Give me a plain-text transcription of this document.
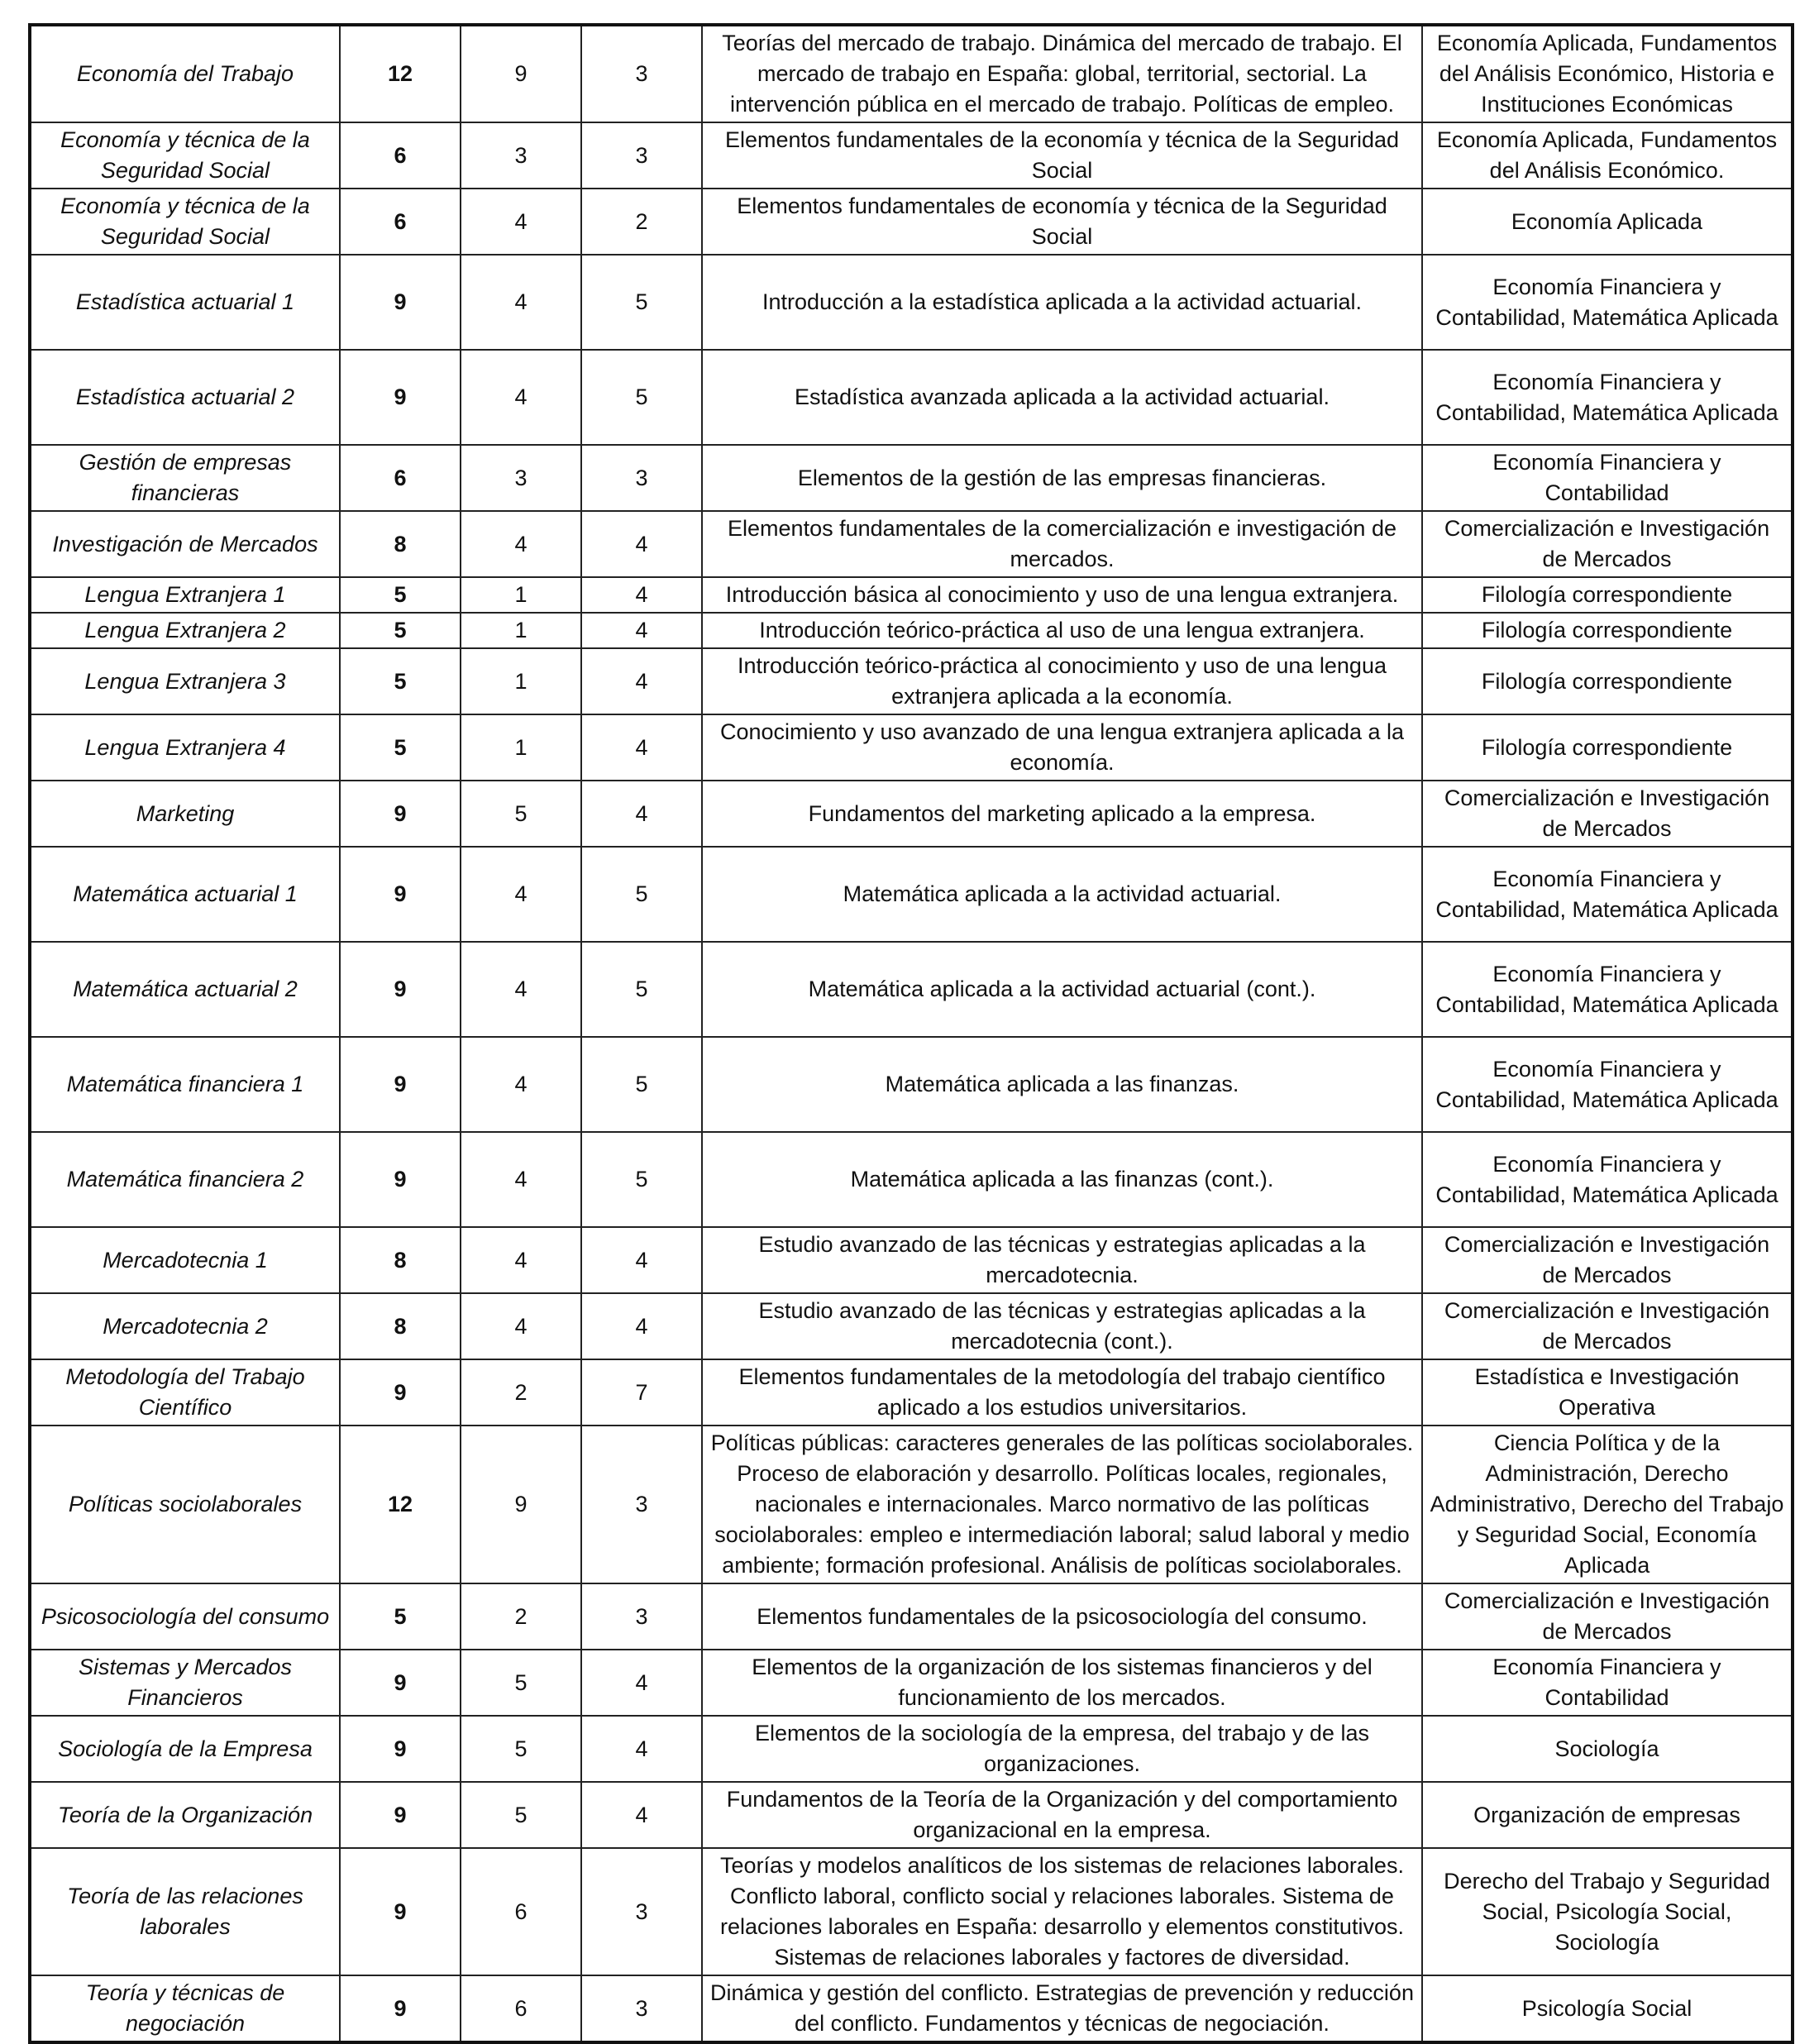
Economía del Trabajo	12	9	3	Teorías del mercado de trabajo. Dinámica del mercado de trabajo. El mercado de trabajo en España: global, territorial, sectorial. La intervención pública en el mercado de trabajo. Políticas de empleo.	Economía Aplicada, Fundamentos del Análisis Económico, Historia e Instituciones Económicas
Economía y técnica de la Seguridad Social	6	3	3	Elementos fundamentales de la economía y técnica de la Seguridad Social	Economía Aplicada, Fundamentos del Análisis Económico.
Economía y técnica de la Seguridad Social	6	4	2	Elementos fundamentales de economía y técnica de la Seguridad Social	Economía Aplicada
Estadística actuarial 1	9	4	5	Introducción a la estadística aplicada a la actividad actuarial.	Economía Financiera y Contabilidad, Matemática Aplicada
Estadística actuarial 2	9	4	5	Estadística avanzada aplicada a la actividad actuarial.	Economía Financiera y Contabilidad, Matemática Aplicada
Gestión de empresas financieras	6	3	3	Elementos de la gestión de las empresas financieras.	Economía Financiera y Contabilidad
Investigación de Mercados	8	4	4	Elementos fundamentales de la comercialización e investigación de mercados.	Comercialización e Investigación de Mercados
Lengua Extranjera 1	5	1	4	Introducción básica al conocimiento y uso de una lengua extranjera.	Filología correspondiente
Lengua Extranjera 2	5	1	4	Introducción teórico-práctica al uso de una lengua extranjera.	Filología correspondiente
Lengua Extranjera 3	5	1	4	Introducción teórico-práctica al conocimiento y uso de una lengua extranjera aplicada a la economía.	Filología correspondiente
Lengua Extranjera 4	5	1	4	Conocimiento y uso avanzado de una lengua extranjera aplicada a la economía.	Filología correspondiente
Marketing	9	5	4	Fundamentos del marketing aplicado a la empresa.	Comercialización e Investigación de Mercados
Matemática actuarial 1	9	4	5	Matemática aplicada a la actividad actuarial.	Economía Financiera y Contabilidad, Matemática Aplicada
Matemática actuarial 2	9	4	5	Matemática aplicada a la actividad actuarial (cont.).	Economía Financiera y Contabilidad, Matemática Aplicada
Matemática financiera 1	9	4	5	Matemática aplicada a las finanzas.	Economía Financiera y Contabilidad, Matemática Aplicada
Matemática financiera 2	9	4	5	Matemática aplicada a las finanzas (cont.).	Economía Financiera y Contabilidad, Matemática Aplicada
Mercadotecnia 1	8	4	4	Estudio avanzado de las técnicas y estrategias aplicadas a la mercadotecnia.	Comercialización e Investigación de Mercados
Mercadotecnia 2	8	4	4	Estudio avanzado de las técnicas y estrategias aplicadas a la mercadotecnia (cont.).	Comercialización e Investigación de Mercados
Metodología del Trabajo Científico	9	2	7	Elementos fundamentales de la metodología del trabajo científico aplicado a los estudios universitarios.	Estadística e Investigación Operativa
Políticas sociolaborales	12	9	3	Políticas públicas: caracteres generales de las políticas sociolaborales. Proceso de elaboración y desarrollo. Políticas locales, regionales, nacionales e internacionales. Marco normativo de las políticas sociolaborales: empleo e intermediación laboral; salud laboral y medio ambiente; formación profesional. Análisis de políticas sociolaborales.	Ciencia Política y de la Administración, Derecho Administrativo, Derecho del Trabajo y Seguridad Social, Economía Aplicada
Psicosociología del consumo	5	2	3	Elementos fundamentales de la psicosociología del consumo.	Comercialización e Investigación de Mercados
Sistemas y Mercados Financieros	9	5	4	Elementos de la organización de los sistemas financieros y del funcionamiento de los mercados.	Economía Financiera y Contabilidad
Sociología de la Empresa	9	5	4	Elementos de la sociología de la empresa, del trabajo y de las organizaciones.	Sociología
Teoría de la Organización	9	5	4	Fundamentos de la Teoría de la Organización y del comportamiento organizacional en la empresa.	Organización de empresas
Teoría de las relaciones laborales	9	6	3	Teorías y modelos analíticos de los sistemas de relaciones laborales. Conflicto laboral, conflicto social y relaciones laborales. Sistema de relaciones laborales en España: desarrollo y elementos constitutivos. Sistemas de relaciones laborales y factores de diversidad.	Derecho del Trabajo y Seguridad Social, Psicología Social, Sociología
Teoría y técnicas de negociación	9	6	3	Dinámica y gestión del conflicto. Estrategias de prevención y reducción del conflicto. Fundamentos y técnicas de negociación.	Psicología Social
